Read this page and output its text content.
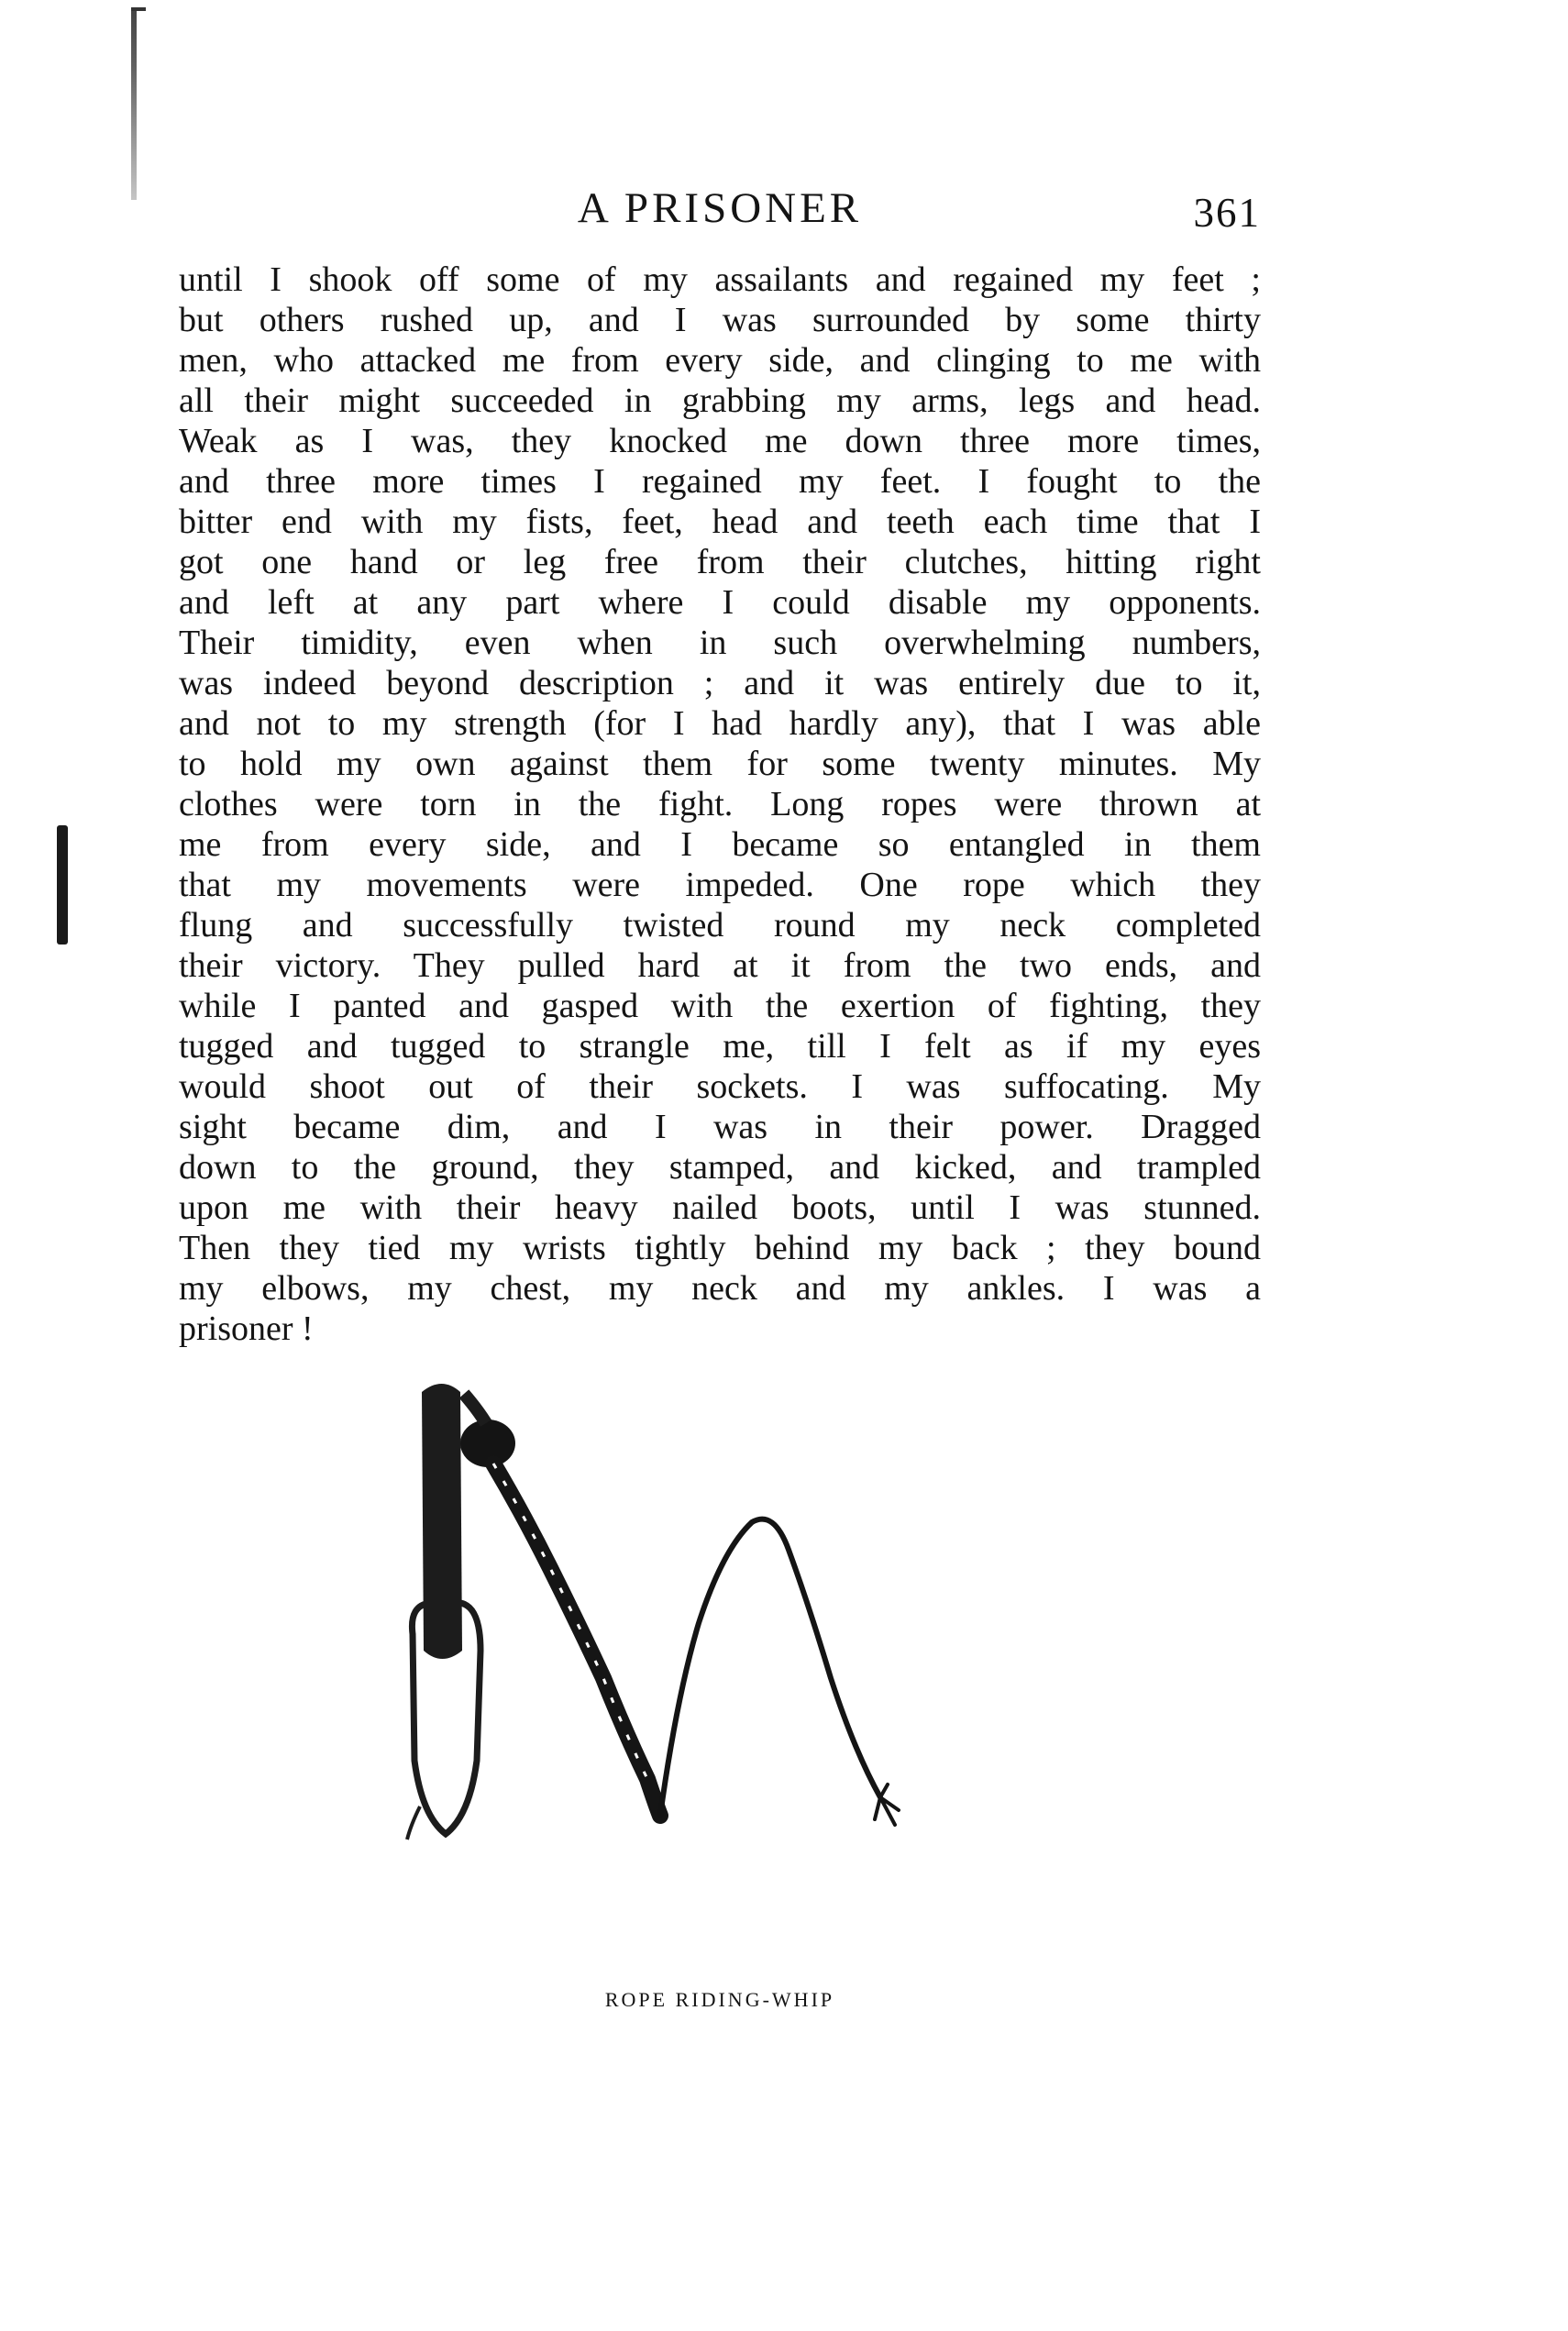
A PRISONER	361
until I shook off some of my assailants and regained my feet ;
but others rushed up, and I was surrounded by some thirty
men, who attacked me from every side, and clinging to me with
all their might succeeded in grabbing my arms, legs and head.
Weak as I was, they knocked me down three more times,
and three more times I regained my feet. I fought to the
bitter end with my fists, feet, head and teeth each time that I
got one hand or leg free from their clutches, hitting right
and left at any part where I could disable my opponents.
Their timidity, even when in such overwhelming numbers,
was indeed beyond description ; and it was entirely due to it,
and not to my strength (for I had hardly any), that I was able
to hold my own against them for some twenty minutes. My
clothes were torn in the fight. Long ropes were thrown at
me from every side, and I became so entangled in them
that my movements were impeded. One rope which they
flung and successfully twisted round my neck completed
their victory. They pulled hard at it from the two ends, and
while I panted and gasped with the exertion of fighting, they
tugged and tugged to strangle me, till I felt as if my eyes
would shoot out of their sockets. I was suffocating. My
sight became dim, and I was in their power. Dragged
down to the ground, they stamped, and kicked, and trampled
upon me with their heavy nailed boots, until I was stunned.
Then they tied my wrists tightly behind my back ; they bound
my elbows, my chest, my neck and my ankles. I was a
prisoner !
ROPE RIDING-WHIP
